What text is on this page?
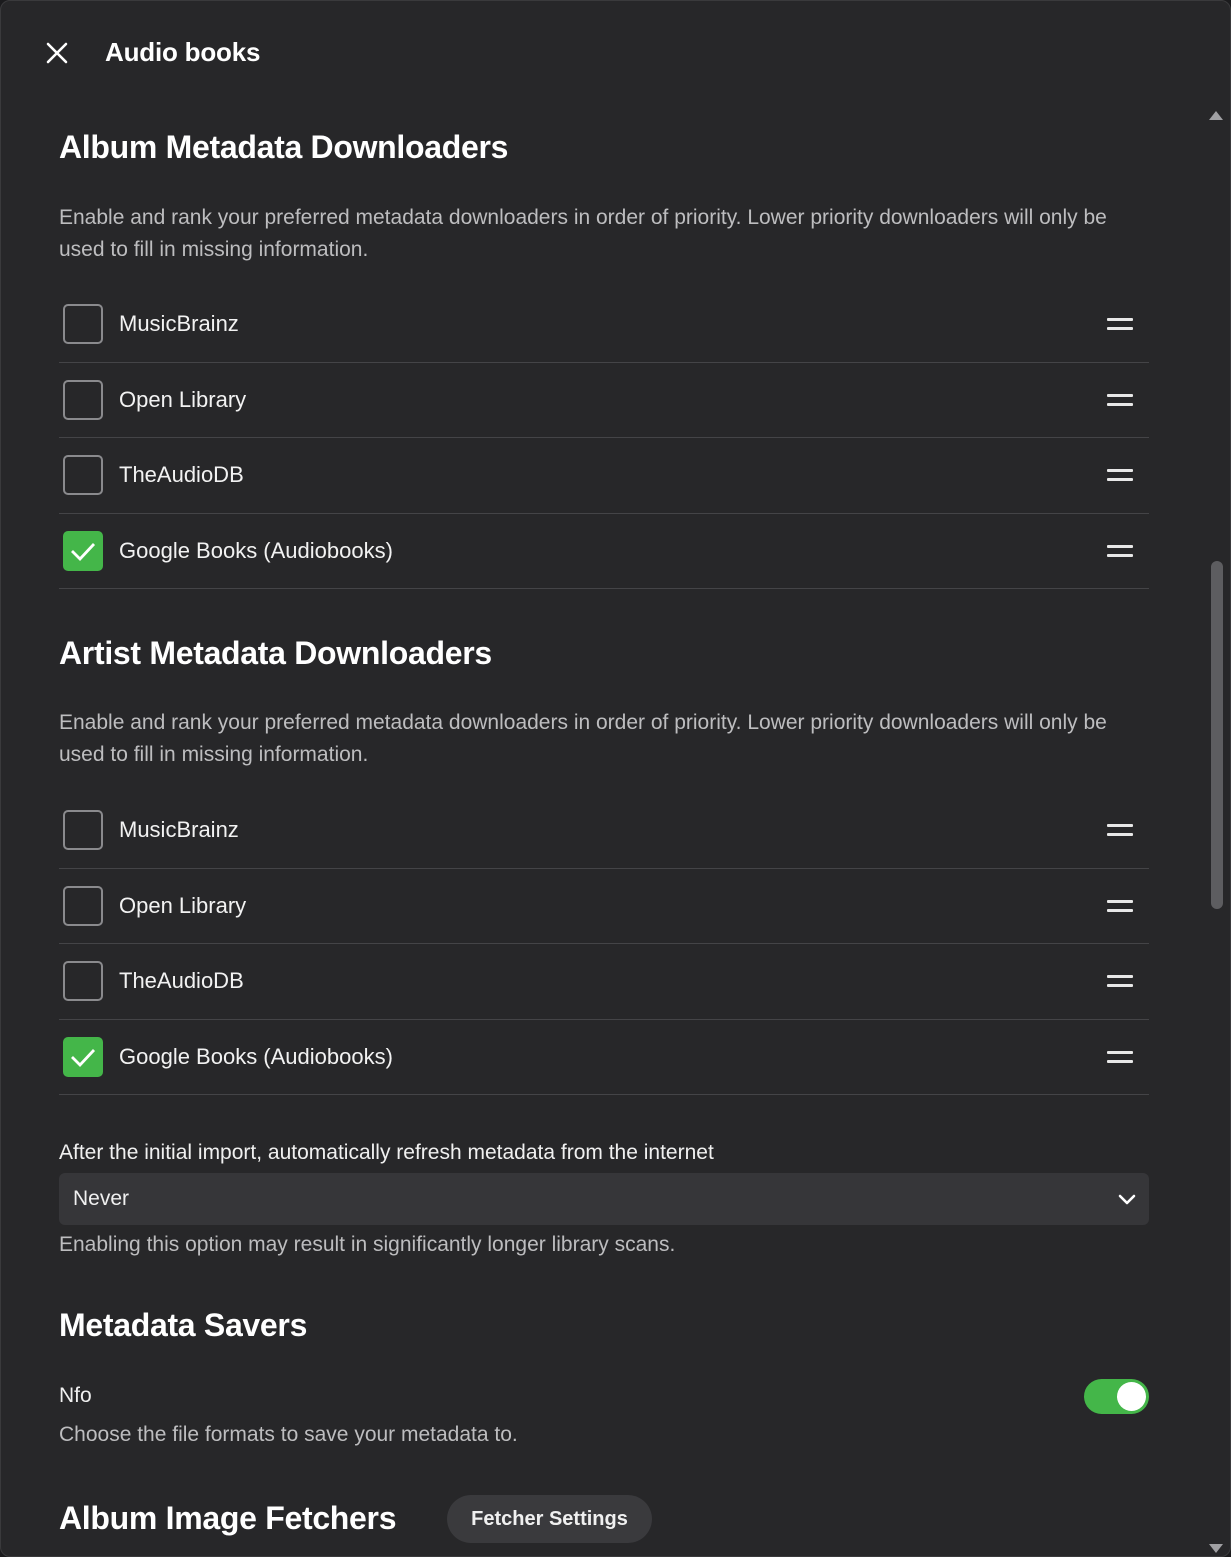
Audio books
Album Metadata Downloaders
Enable and rank your preferred metadata downloaders in order of priority. Lower priority downloaders will only be used to fill in missing information.
MusicBrainz
Open Library
TheAudioDB
Google Books (Audiobooks)
Artist Metadata Downloaders
Enable and rank your preferred metadata downloaders in order of priority. Lower priority downloaders will only be used to fill in missing information.
MusicBrainz
Open Library
TheAudioDB
Google Books (Audiobooks)
After the initial import, automatically refresh metadata from the internet
Never
Enabling this option may result in significantly longer library scans.
Metadata Savers
Nfo
Choose the file formats to save your metadata to.
Album Image Fetchers	Fetcher Settings
